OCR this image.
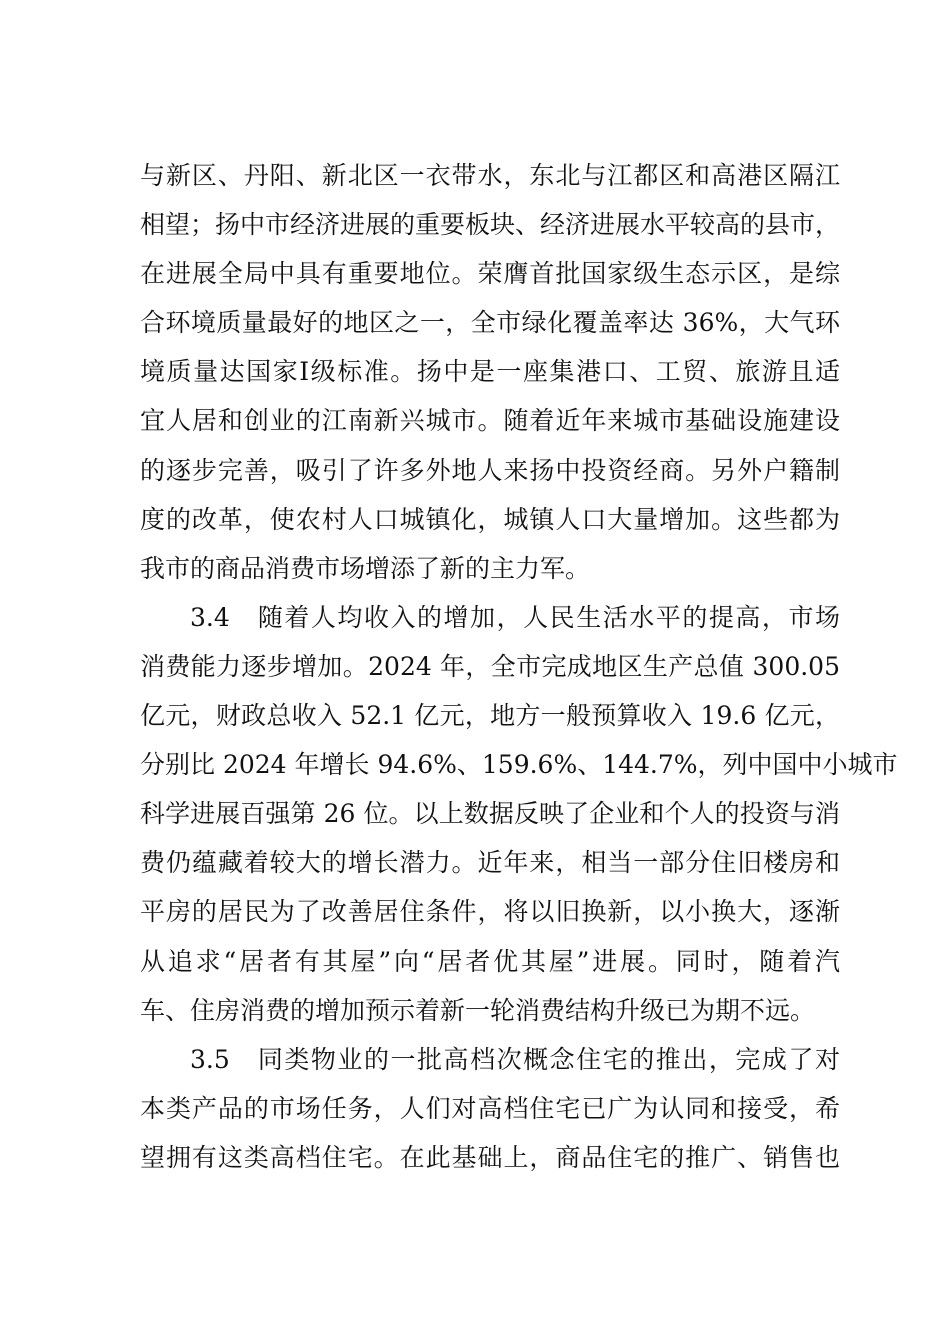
与新区、丹阳、新北区一衣带水，东北与江都区和高港区隔江
相望；扬中市经济进展的重要板块、经济进展水平较高的县市，
在进展全局中具有重要地位。荣膺首批国家级生态示区，是综
合环境质量最好的地区之一，全市绿化覆盖率达 36%，大气环
境质量达国家Ⅰ级标准。扬中是一座集港口、工贸、旅游且适
宜人居和创业的江南新兴城市。随着近年来城市基础设施建设
的逐步完善，吸引了许多外地人来扬中投资经商。另外户籍制
度的改革，使农村人口城镇化，城镇人口大量增加。这些都为
我市的商品消费市场增添了新的主力军。
3.4　随着人均收入的增加，人民生活水平的提高，市场
消费能力逐步增加。2024 年，全市完成地区生产总值 300.05
亿元，财政总收入 52.1 亿元，地方一般预算收入 19.6 亿元，
分别比 2024 年增长 94.6%、159.6%、144.7%，列中国中小城市
科学进展百强第 26 位。以上数据反映了企业和个人的投资与消
费仍蕴藏着较大的增长潜力。近年来，相当一部分住旧楼房和
平房的居民为了改善居住条件，将以旧换新，以小换大，逐渐
从追求“居者有其屋”向“居者优其屋”进展。同时，随着汽
车、住房消费的增加预示着新一轮消费结构升级已为期不远。
3.5　同类物业的一批高档次概念住宅的推出，完成了对
本类产品的市场任务，人们对高档住宅已广为认同和接受，希
望拥有这类高档住宅。在此基础上，商品住宅的推广、销售也
